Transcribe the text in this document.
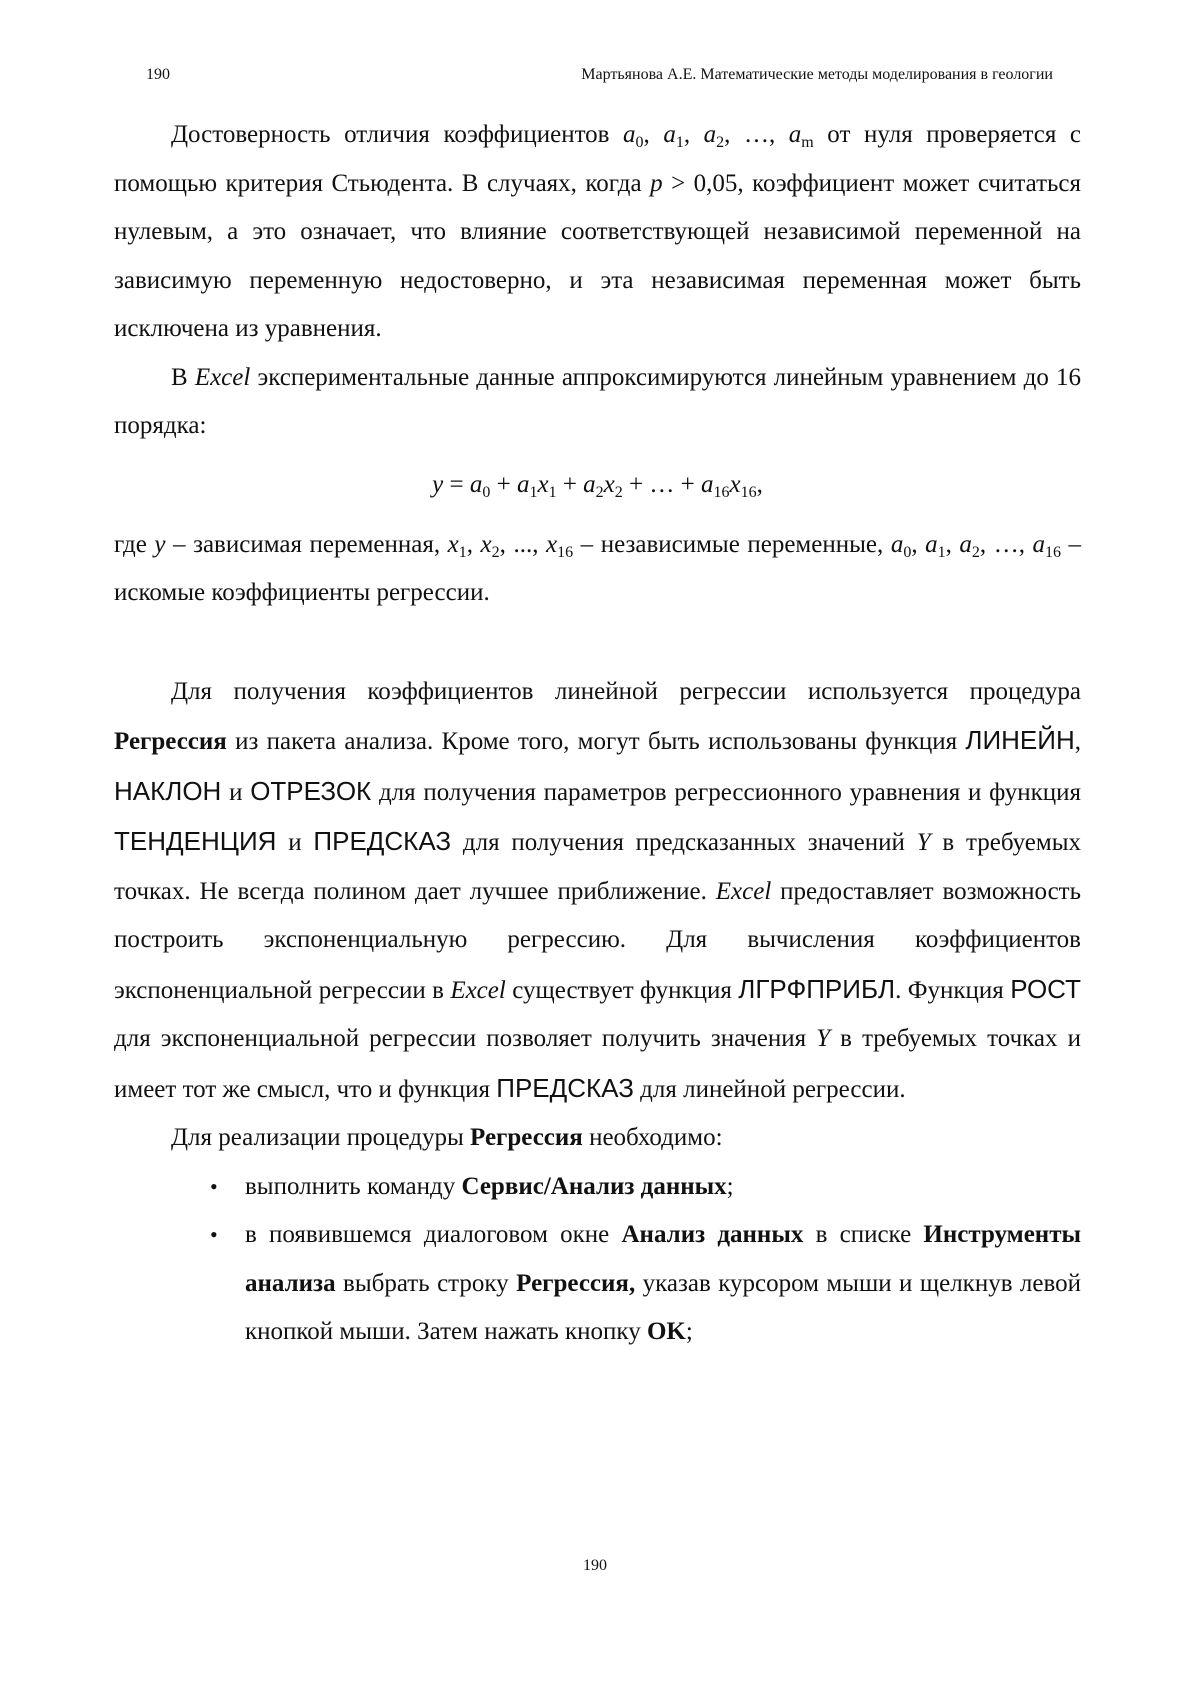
190	Мартьянова А.Е. Математические методы моделирования в геологии

Достоверность отличия коэффициентов $a_0$, $a_1$, $a_2$, …, $a_m$ от нуля проверяется с помощью критерия Стьюдента. В случаях, когда p > 0,05, коэффициент может считаться нулевым, а это означает, что влияние соответствующей независимой переменной на зависимую переменную недостоверно, и эта независимая переменная может быть исключена из уравнения.

В Excel экспериментальные данные аппроксимируются линейным уравнением до 16 порядка:

$y = a_0 + a_1x_1 + a_2x_2$ + … + $a_{16}x_{16}$,

где y – зависимая переменная, $x_1$, $x_2$, ..., $x_{16}$ – независимые переменные, $a_0$, $a_1$, $a_2$, …, $a_{16}$ – искомые коэффициенты регрессии.

Для получения коэффициентов линейной регрессии используется процедура Регрессия из пакета анализа. Кроме того, могут быть использованы функция ЛИНЕЙН, НАКЛОН и ОТРЕЗОК для получения параметров регрессионного уравнения и функция ТЕНДЕНЦИЯ и ПРЕДСКАЗ для получения предсказанных значений Y в требуемых точках. Не всегда полином дает лучшее приближение. Excel предоставляет возможность построить экспоненциальную регрессию. Для вычисления коэффициентов экспоненциальной регрессии в Excel существует функция ЛГРФПРИБЛ. Функция РОСТ для экспоненциальной регрессии позволяет получить значения Y в требуемых точках и имеет тот же смысл, что и функция ПРЕДСКАЗ для линейной регрессии.

Для реализации процедуры Регрессия необходимо:

• выполнить команду Сервис/Анализ данных;
• в появившемся диалоговом окне Анализ данных в списке Инструменты анализа выбрать строку Регрессия, указав курсором мыши и щелкнув левой кнопкой мыши. Затем нажать кнопку OK;
190
